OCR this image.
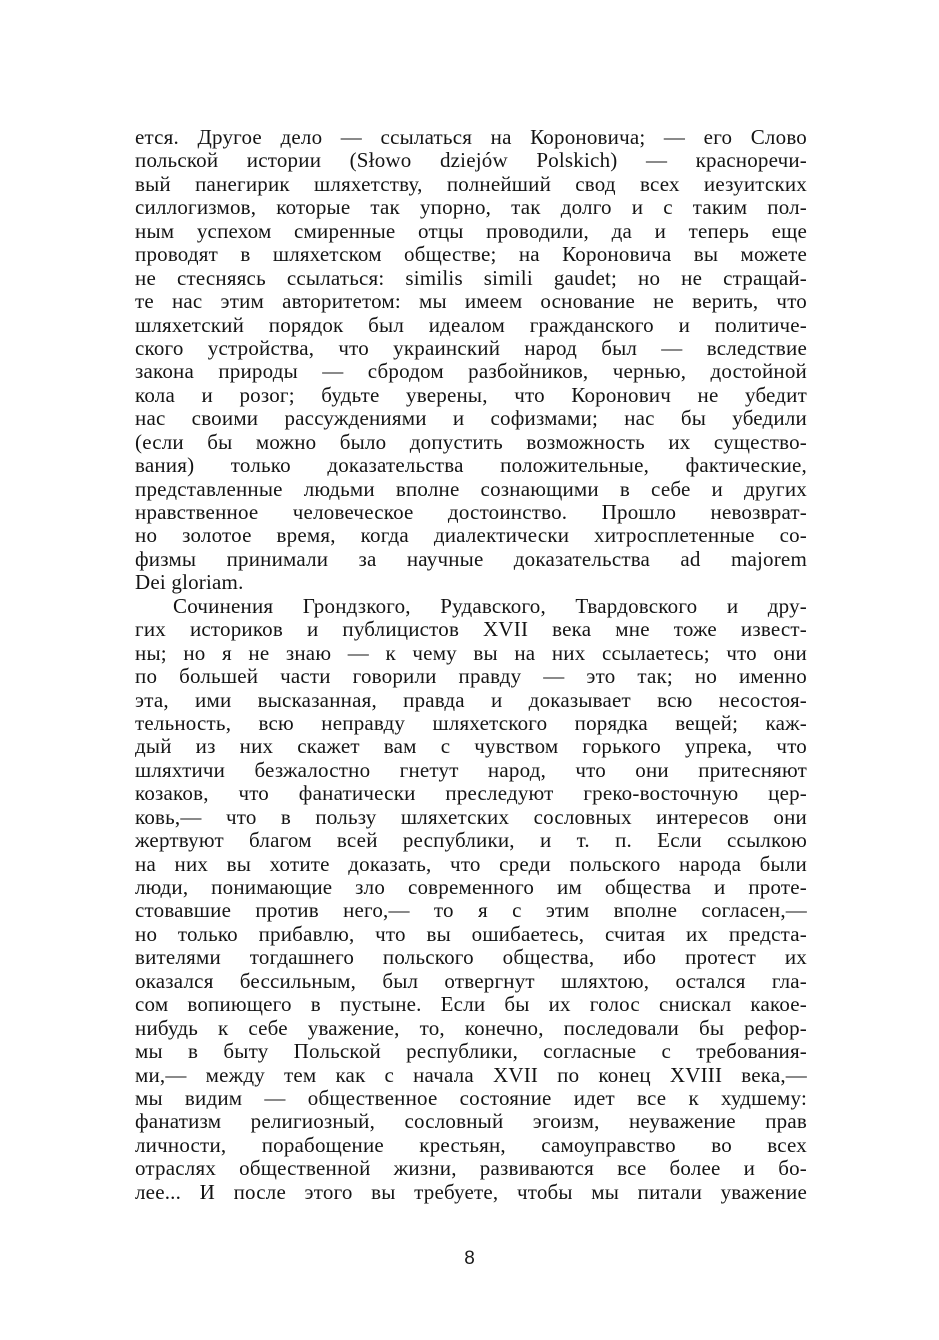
ется. Другое дело — ссылаться на Короновича; — его Слово
польской истории (Słowo dziejów Polskich) — красноречи-
вый панегирик шляхетству, полнейший свод всех иезуитских
силлогизмов, которые так упорно, так долго и с таким пол-
ным успехом смиренные отцы проводили, да и теперь еще
проводят в шляхетском обществе; на Короновича вы можете
не стесняясь ссылаться: similis simili gaudet; но не стращай-
те нас этим авторитетом: мы имеем основание не верить, что
шляхетский порядок был идеалом гражданского и политиче-
ского устройства, что украинский народ был — вследствие
закона природы — сбродом разбойников, чернью, достойной
кола и розог; будьте уверены, что Коронович не убедит
нас своими рассуждениями и софизмами; нас бы убедили
(если бы можно было допустить возможность их существо-
вания) только доказательства положительные, фактические,
представленные людьми вполне сознающими в себе и других
нравственное человеческое достоинство. Прошло невозврат-
но золотое время, когда диалектически хитросплетенные со-
физмы принимали за научные доказательства ad majorem
Dei gloriam.
Сочинения Грондзкого, Рудавского, Твардовского и дру-
гих историков и публицистов XVII века мне тоже извест-
ны; но я не знаю — к чему вы на них ссылаетесь; что они
по большей части говорили правду — это так; но именно
эта, ими высказанная, правда и доказывает всю несостоя-
тельность, всю неправду шляхетского порядка вещей; каж-
дый из них скажет вам с чувством горького упрека, что
шляхтичи безжалостно гнетут народ, что они притесняют
козаков, что фанатически преследуют греко-восточную цер-
ковь,— что в пользу шляхетских сословных интересов они
жертвуют благом всей республики, и т. п. Если ссылкою
на них вы хотите доказать, что среди польского народа были
люди, понимающие зло современного им общества и проте-
стовавшие против него,— то я с этим вполне согласен,—
но только прибавлю, что вы ошибаетесь, считая их предста-
вителями тогдашнего польского общества, ибо протест их
оказался бессильным, был отвергнут шляхтою, остался гла-
сом вопиющего в пустыне. Если бы их голос снискал какое-
нибудь к себе уважение, то, конечно, последовали бы рефор-
мы в быту Польской республики, согласные с требования-
ми,— между тем как с начала XVII по конец XVIII века,—
мы видим — общественное состояние идет все к худшему:
фанатизм религиозный, сословный эгоизм, неуважение прав
личности, порабощение крестьян, самоуправство во всех
отраслях общественной жизни, развиваются все более и бо-
лее... И после этого вы требуете, чтобы мы питали уважение
8
